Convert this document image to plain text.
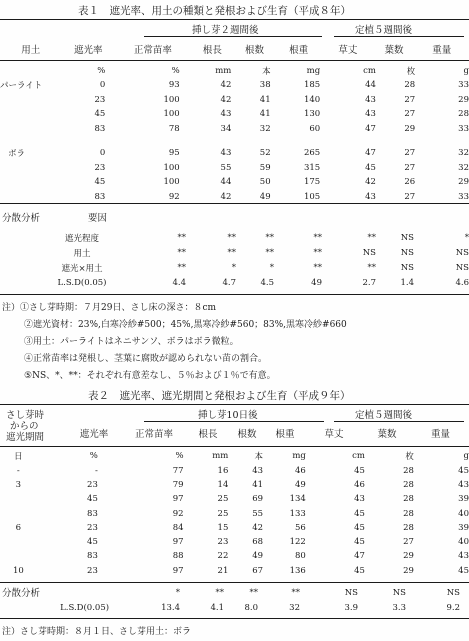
表１　遮光率、用土の種類と発根および生育（平成８年）
挿し芽２週間後	定植５週間後
用土	遮光率	正常苗率	根長	根数	根重	草丈	葉数	重量
	%	%	mm	本	mg	cm	枚	g
パーライト	0	93	42	38	185	44	28	33
	23	100	42	41	140	43	27	29
	45	100	43	41	130	43	27	28
	83	78	34	32	60	47	29	33

ボラ	0	95	43	52	265	47	27	32
	23	100	55	59	315	45	27	32
	45	100	44	50	175	42	26	29
	83	92	42	49	105	43	27	33
分散分析	要因
遮光程度	**	**	**	**	**	NS	*
用土	**	**	**	**	NS	NS	NS
遮光×用土	**	*	*	**	**	NS	NS
L.S.D(0.05)	4.4	4.7	4.5	49	2.7	1.4	4.6
注）①さし芽時期：７月29日、さし床の深さ：８cm
②遮光資材：23%,白寒冷紗#500；45%,黒寒冷紗#560；83%,黒寒冷紗#660
③用土：パーライトはネニサンソ、ボラはボラ微粒。
④正常苗率は発根し、茎葉に腐敗が認められない苗の割合。
⑤NS、*、**：それぞれ有意差なし、５％および１％で有意。
表２　遮光率、遮光期間と発根および生育（平成９年）
さし芽時
からの
遮光期間
挿し芽10日後	定植５週間後
遮光率	正常苗率	根長	根数	根重	草丈	葉数	重量
日	%	%	mm	本	mg	cm	枚	g
-	-	77	16	43	46	45	28	45
3	23	79	14	41	49	46	28	43
	45	97	25	69	134	43	28	39
	83	92	25	55	133	45	28	40
6	23	84	15	42	56	45	28	39
	45	97	23	68	122	45	27	40
	83	88	22	49	80	47	29	43
10	23	97	21	67	136	45	29	45
分散分析	*	**	**	**	NS	NS	NS	
L.S.D(0.05) 13.4	4.1	8.0	32	3.9	3.3	9.2	
注）さし芽時期：８月１日、さし芽用土：ボラ
